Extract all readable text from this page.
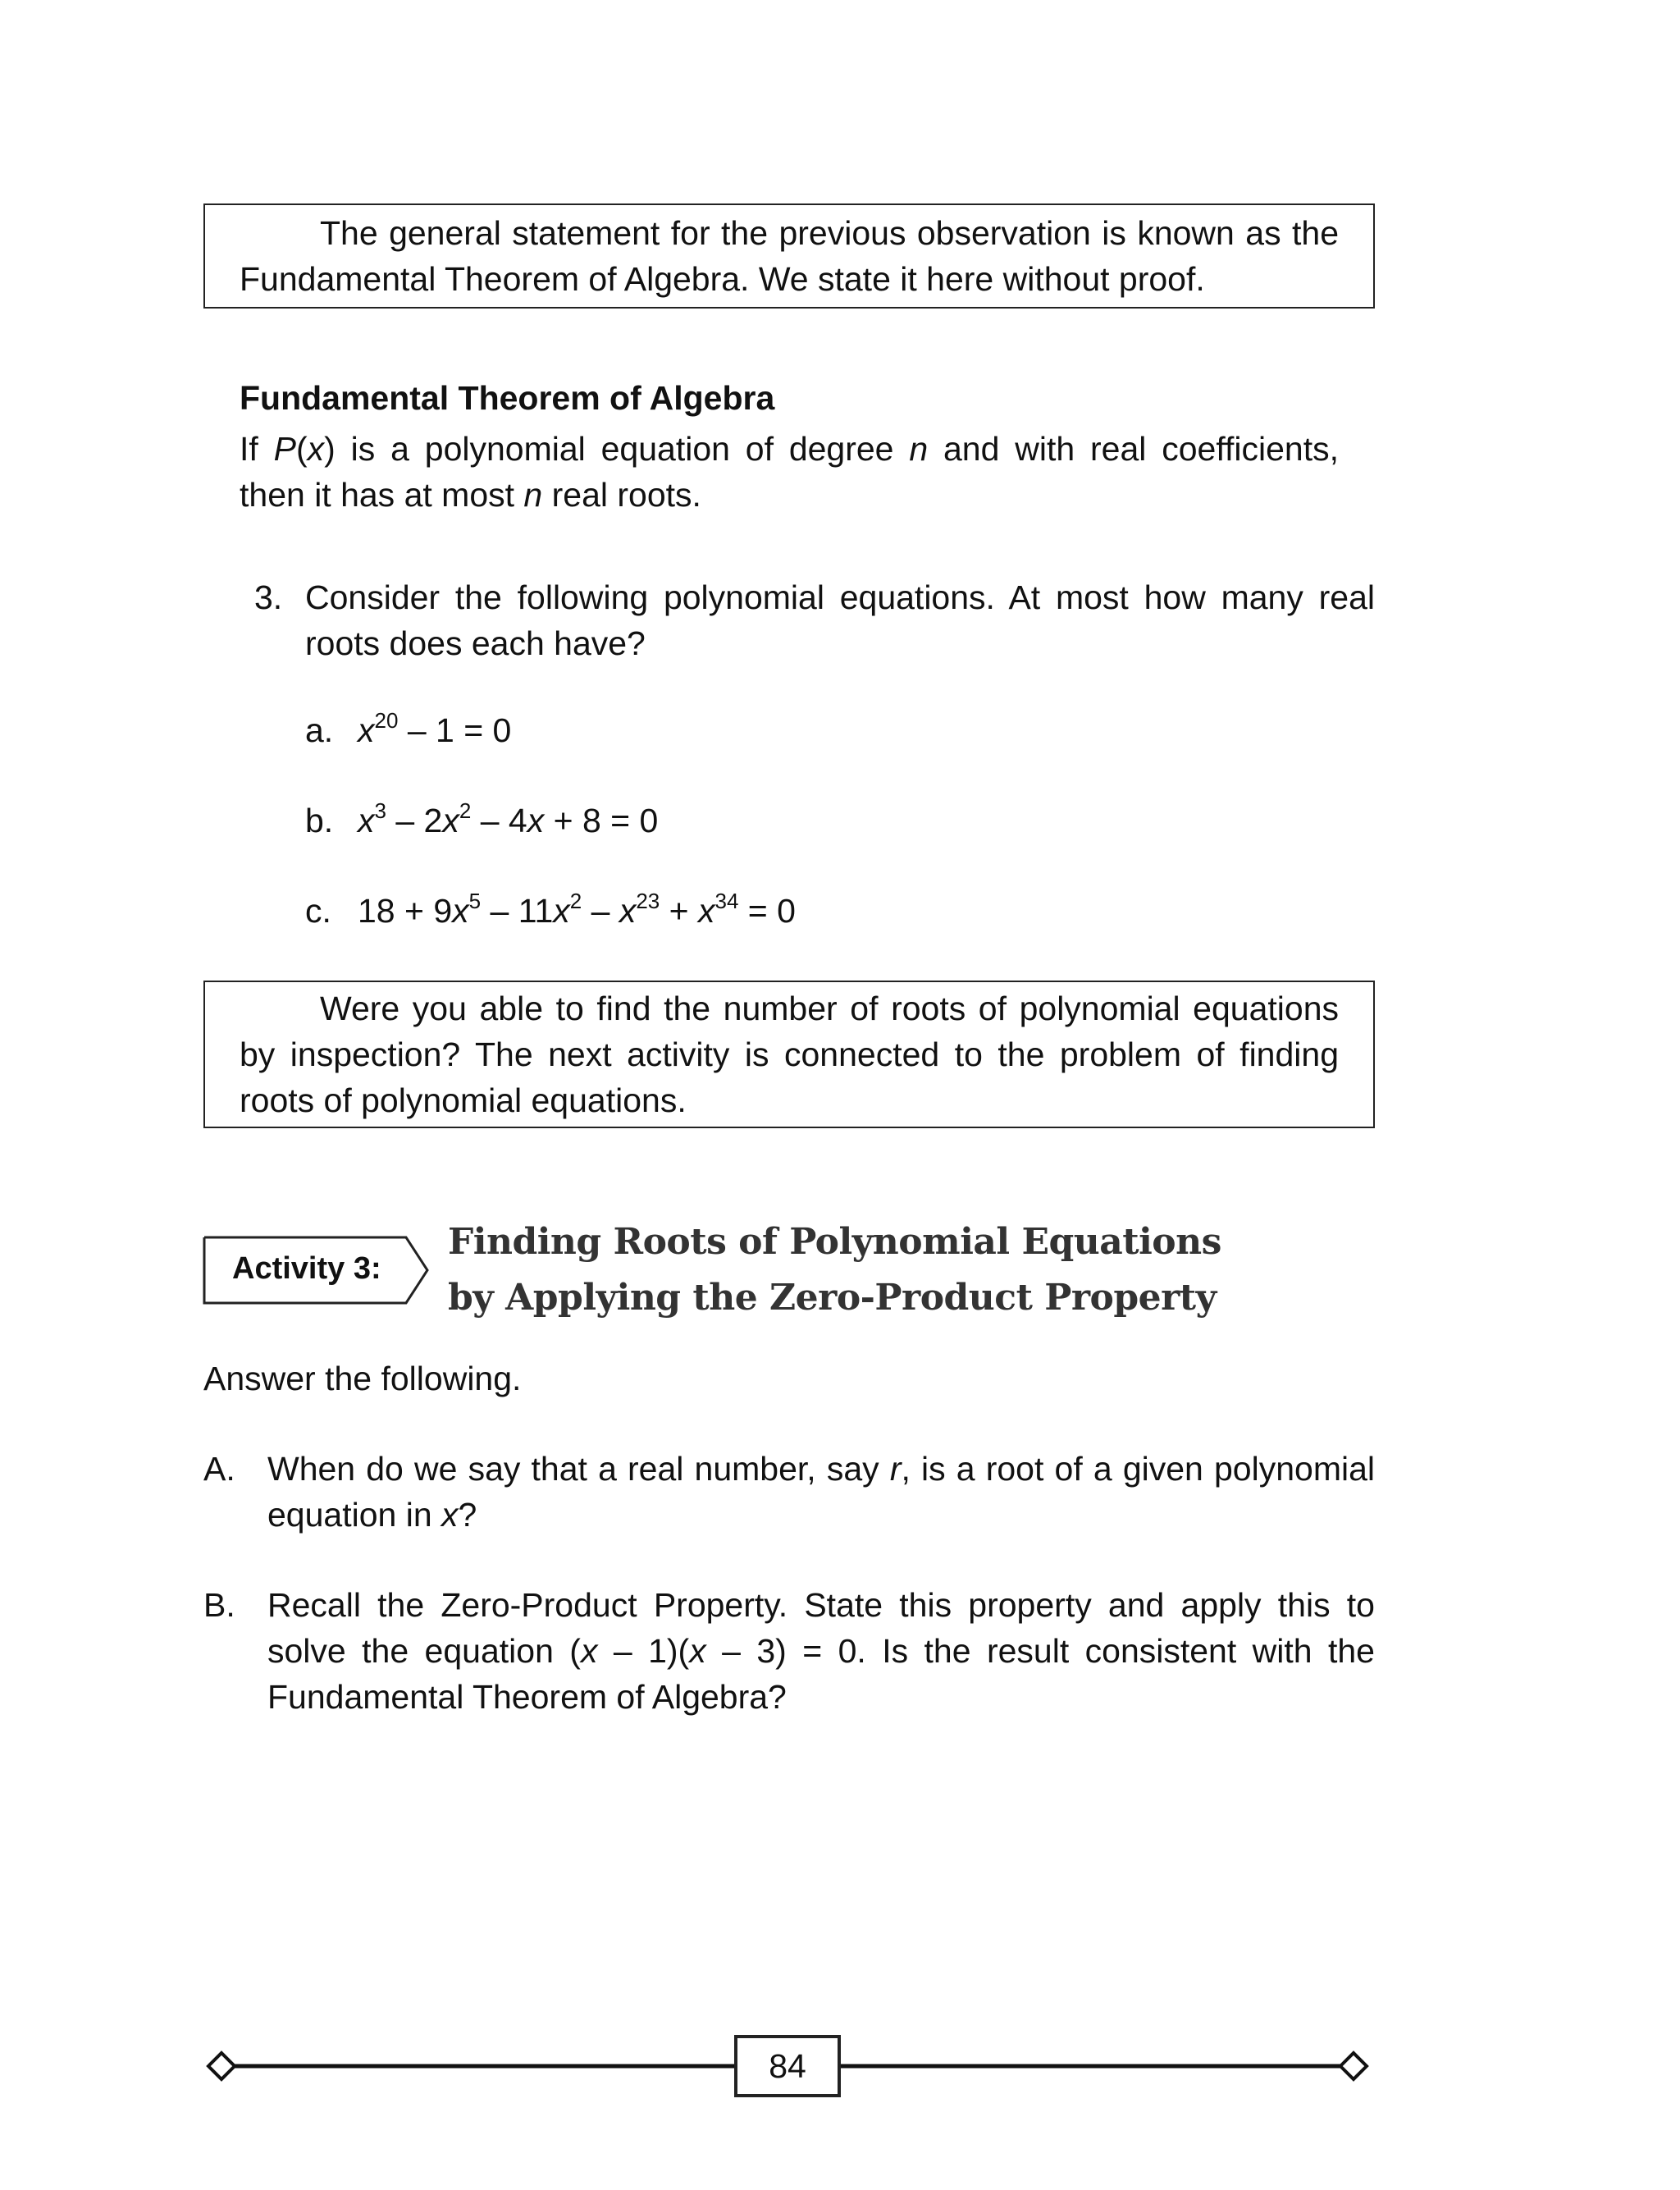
The general statement for the previous observation is known as the Fundamental Theorem of Algebra. We state it here without proof.
Fundamental Theorem of Algebra
If P(x) is a polynomial equation of degree n and with real coefficients, then it has at most n real roots.
3. Consider the following polynomial equations. At most how many real roots does each have?
a. $x^{20} - 1 = 0$
b. $x^3 - 2x^2 - 4x + 8 = 0$
c. $18 + 9x^5 - 11x^2 - x^{23} + x^{34} = 0$
Were you able to find the number of roots of polynomial equations by inspection? The next activity is connected to the problem of finding roots of polynomial equations.
Activity 3:
Finding Roots of Polynomial Equations
by Applying the Zero-Product Property
Answer the following.
A. When do we say that a real number, say r, is a root of a given polynomial equation in x?
B. Recall the Zero-Product Property. State this property and apply this to solve the equation (x – 1)(x – 3) = 0. Is the result consistent with the Fundamental Theorem of Algebra?
84
